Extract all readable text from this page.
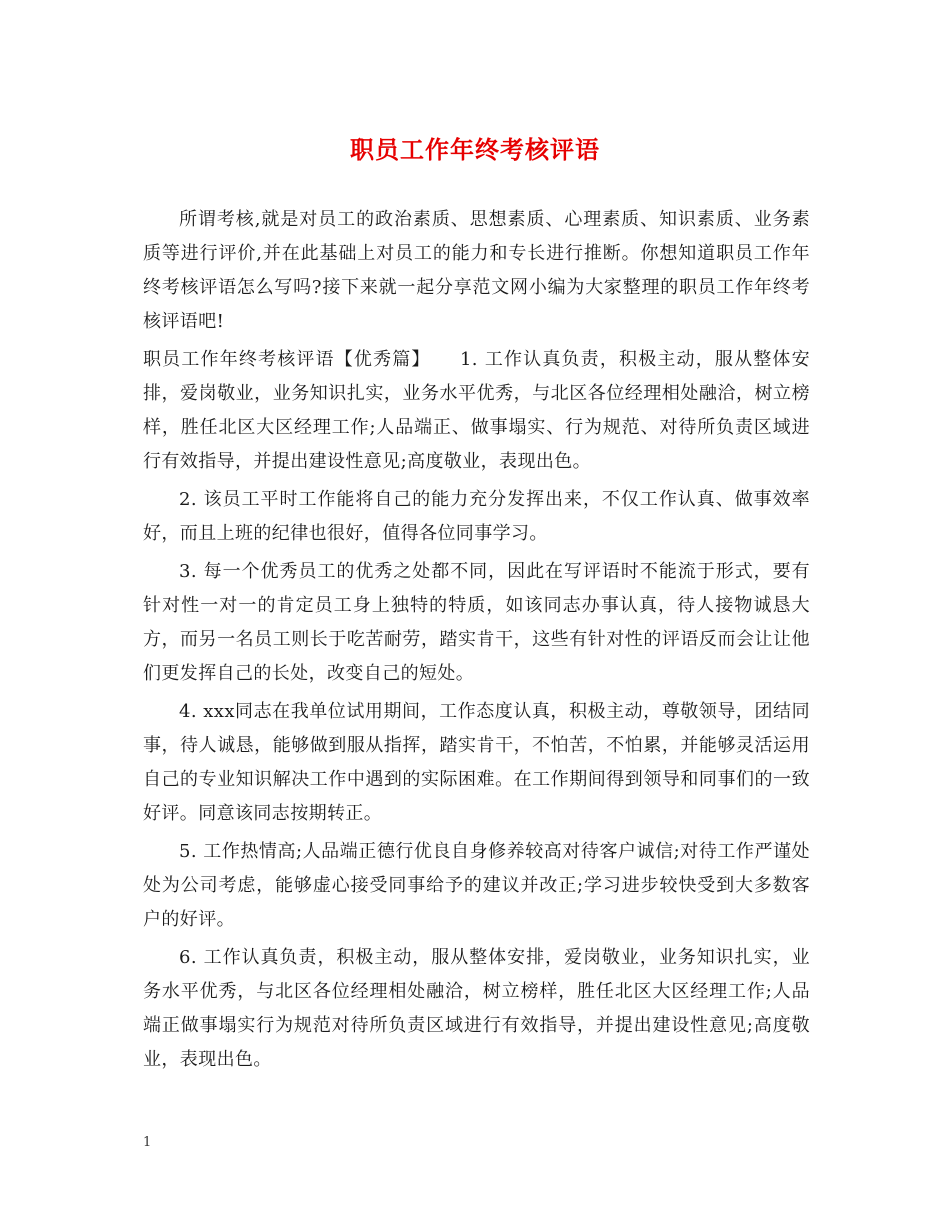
职员工作年终考核评语

所谓考核,就是对员工的政治素质、思想素质、心理素质、知识素质、业务素质等进行评价,并在此基础上对员工的能力和专长进行推断。你想知道职员工作年终考核评语怎么写吗?接下来就一起分享范文网小编为大家整理的职员工作年终考核评语吧!

职员工作年终考核评语【优秀篇】　　1. 工作认真负责，积极主动，服从整体安排，爱岗敬业，业务知识扎实，业务水平优秀，与北区各位经理相处融洽，树立榜样，胜任北区大区经理工作;人品端正、做事塌实、行为规范、对待所负责区域进行有效指导，并提出建设性意见;高度敬业，表现出色。

2. 该员工平时工作能将自己的能力充分发挥出来，不仅工作认真、做事效率好，而且上班的纪律也很好，值得各位同事学习。

3. 每一个优秀员工的优秀之处都不同，因此在写评语时不能流于形式，要有针对性一对一的肯定员工身上独特的特质，如该同志办事认真，待人接物诚恳大方，而另一名员工则长于吃苦耐劳，踏实肯干，这些有针对性的评语反而会让让他们更发挥自己的长处，改变自己的短处。

4. xxx同志在我单位试用期间，工作态度认真，积极主动，尊敬领导，团结同事，待人诚恳，能够做到服从指挥，踏实肯干，不怕苦，不怕累，并能够灵活运用自己的专业知识解决工作中遇到的实际困难。在工作期间得到领导和同事们的一致好评。同意该同志按期转正。

5. 工作热情高;人品端正德行优良自身修养较高对待客户诚信;对待工作严谨处处为公司考虑，能够虚心接受同事给予的建议并改正;学习进步较快受到大多数客户的好评。

6. 工作认真负责，积极主动，服从整体安排，爱岗敬业，业务知识扎实，业务水平优秀，与北区各位经理相处融洽，树立榜样，胜任北区大区经理工作;人品端正做事塌实行为规范对待所负责区域进行有效指导，并提出建设性意见;高度敬业，表现出色。

1
